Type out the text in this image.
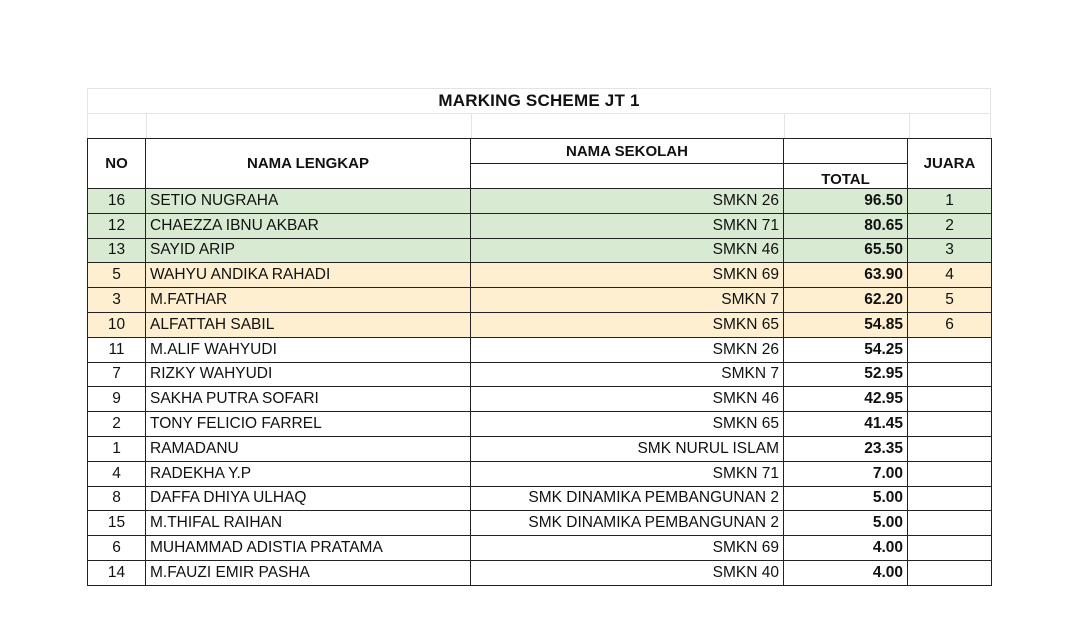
MARKING SCHEME JT 1
NO	NAMA LENGKAP	NAMA SEKOLAH		JUARA
			TOTAL	
16	SETIO NUGRAHA	SMKN 26	96.50	1
12	CHAEZZA IBNU AKBAR	SMKN 71	80.65	2
13	SAYID ARIP	SMKN 46	65.50	3
5	WAHYU ANDIKA RAHADI	SMKN 69	63.90	4
3	M.FATHAR	SMKN 7	62.20	5
10	ALFATTAH SABIL	SMKN 65	54.85	6
11	M.ALIF WAHYUDI	SMKN 26	54.25	
7	RIZKY WAHYUDI	SMKN 7	52.95	
9	SAKHA PUTRA SOFARI	SMKN 46	42.95	
2	TONY FELICIO FARREL	SMKN 65	41.45	
1	RAMADANU	SMK NURUL ISLAM	23.35	
4	RADEKHA Y.P	SMKN 71	7.00	
8	DAFFA DHIYA ULHAQ	SMK DINAMIKA PEMBANGUNAN 2	5.00	
15	M.THIFAL RAIHAN	SMK DINAMIKA PEMBANGUNAN 2	5.00	
6	MUHAMMAD ADISTIA PRATAMA	SMKN 69	4.00	
14	M.FAUZI EMIR PASHA	SMKN 40	4.00	
